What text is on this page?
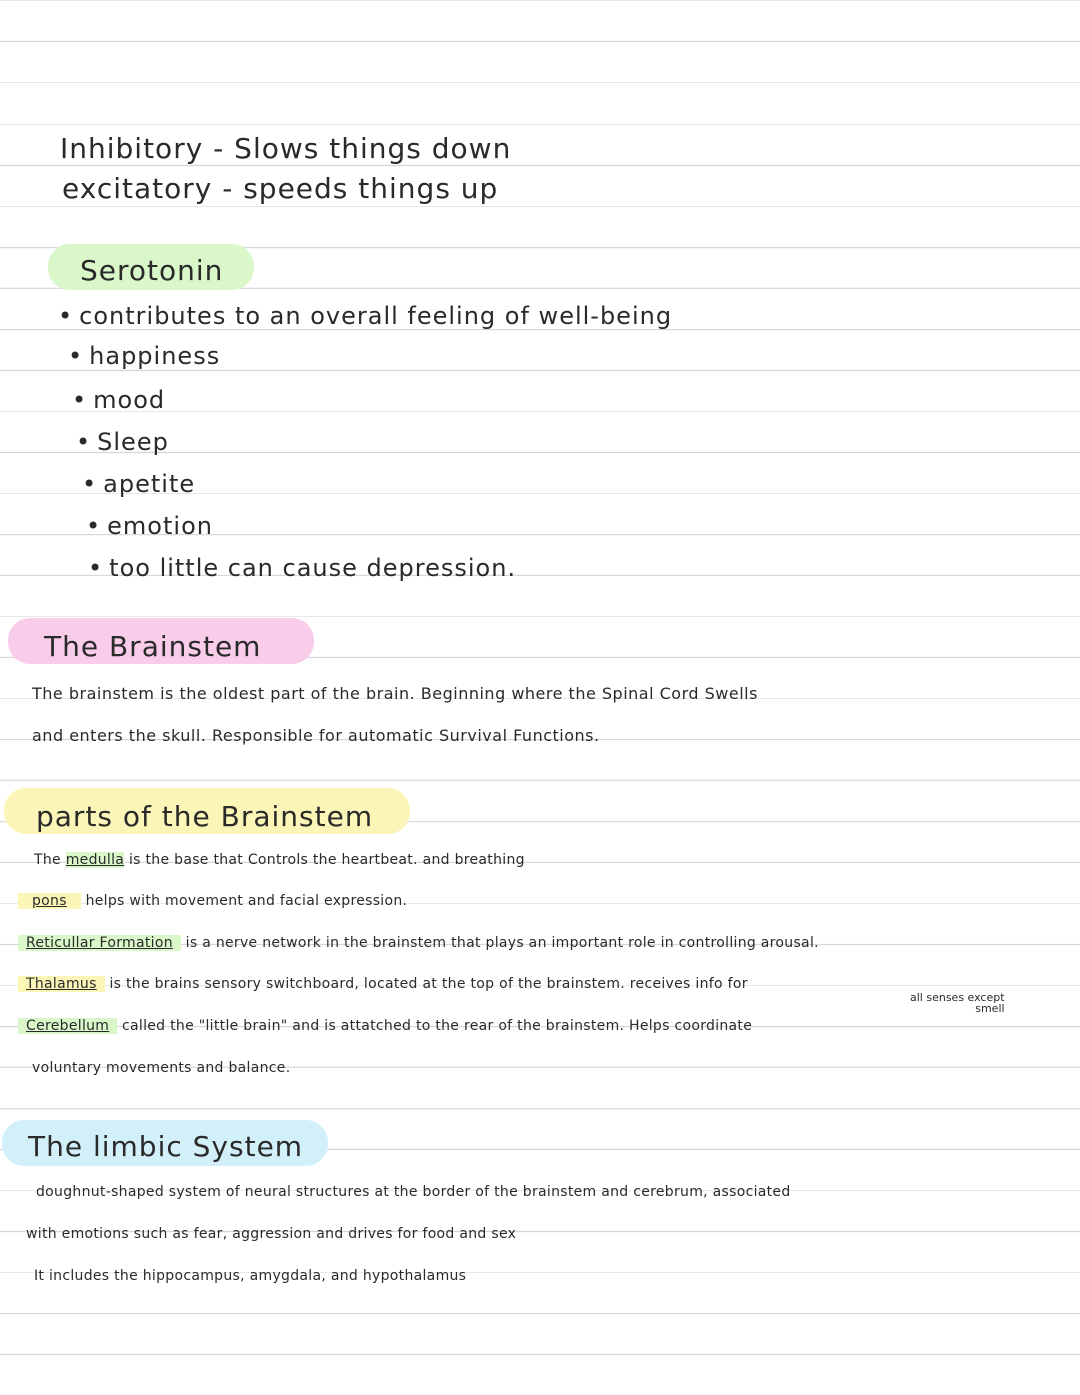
Inhibitory - Slows things down
excitatory - speeds things up
Serotonin
• contributes to an overall feeling of well-being
• happiness
• mood
• Sleep
• apetite
• emotion
• too little can cause depression.
The Brainstem
The brainstem is the oldest part of the brain. Beginning where the Spinal Cord Swells
and enters the skull. Responsible for automatic Survival Functions.
parts of the Brainstem
The medulla is the base that Controls the heartbeat. and breathing
pons helps with movement and facial expression.
Reticullar Formation is a nerve network in the brainstem that plays an important role in controlling arousal.
Thalamus is the brains sensory switchboard, located at the top of the brainstem. receives info for
all senses except
smell
Cerebellum called the "little brain" and is attatched to the rear of the brainstem. Helps coordinate
voluntary movements and balance.
The limbic System
doughnut-shaped system of neural structures at the border of the brainstem and cerebrum, associated
with emotions such as fear, aggression and drives for food and sex
It includes the hippocampus, amygdala, and hypothalamus
